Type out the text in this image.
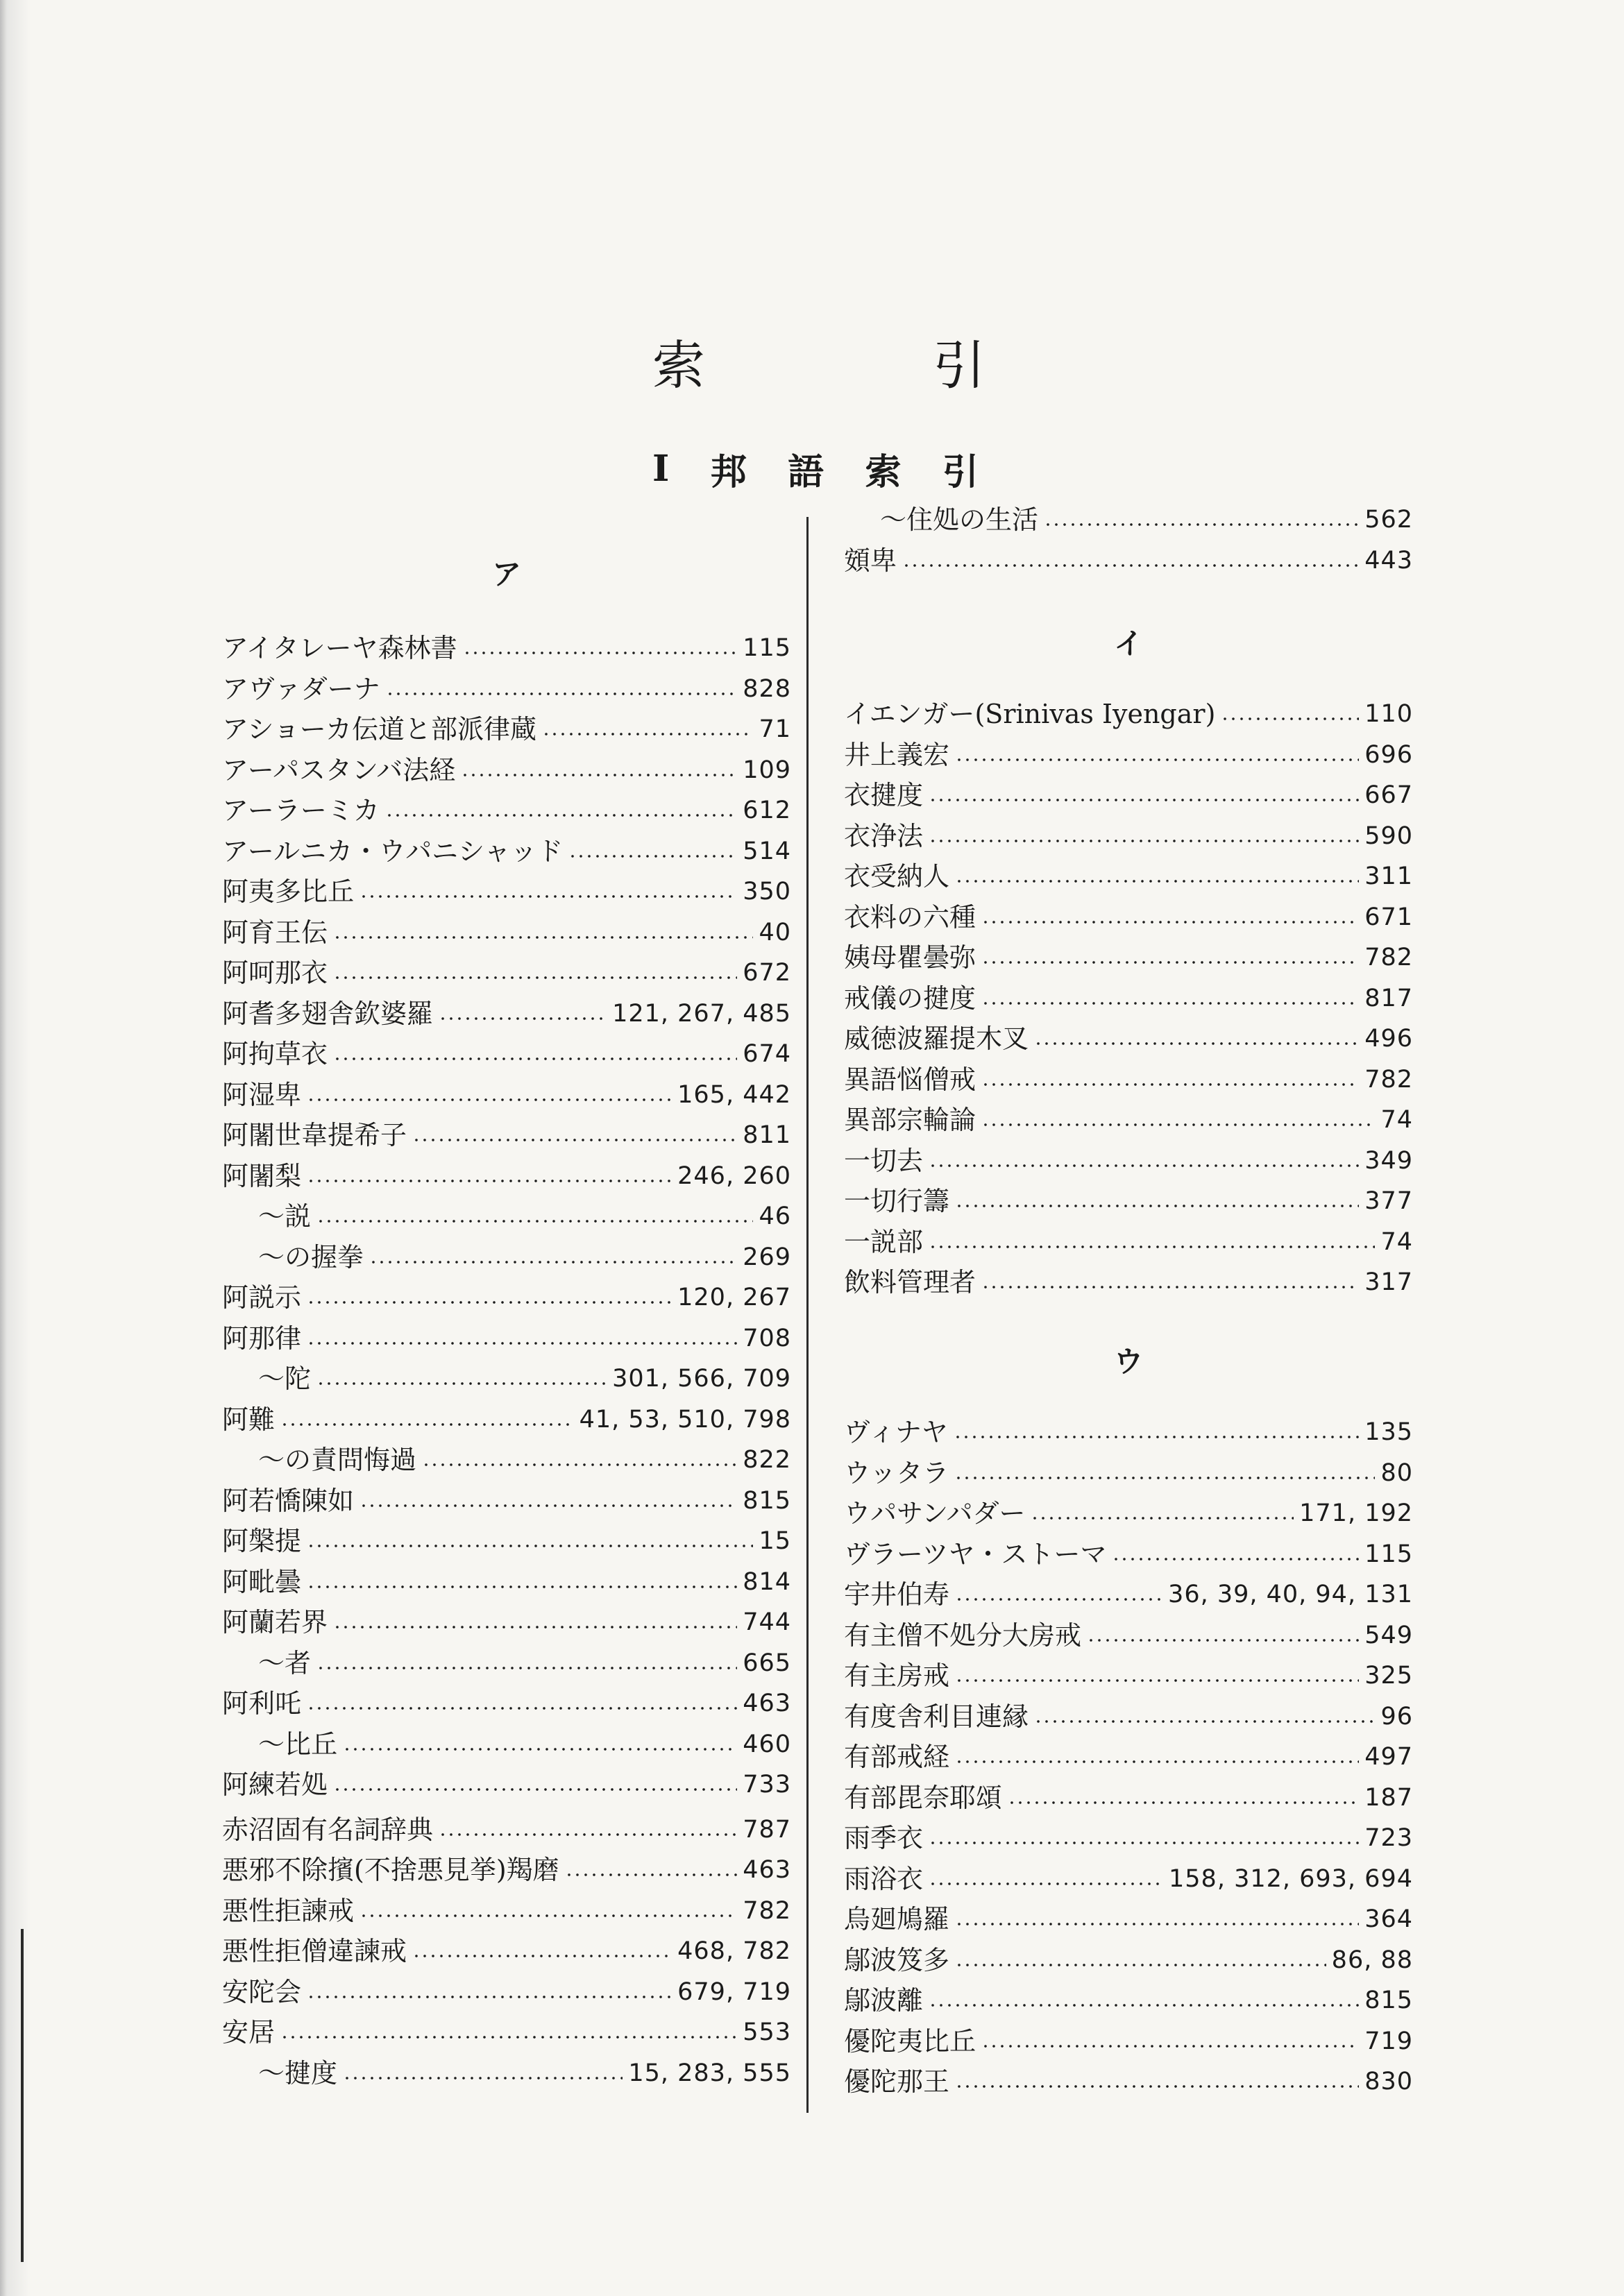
索	引
I 邦 語 索 引
ア
アイタレーヤ森林書	115
アヴァダーナ	828
アショーカ伝道と部派律蔵	71
アーパスタンバ法経	109
アーラーミカ	612
アールニカ・ウパニシャッド	514
阿夷多比丘	350
阿育王伝	40
阿呵那衣	672
阿耆多翅舎欽婆羅	121, 267, 485
阿拘草衣	674
阿湿卑	165, 442
阿闍世韋提希子	811
阿闍梨	246, 260
～説	46
～の握拳	269
阿説示	120, 267
阿那律	708
～陀	301, 566, 709
阿難	41, 53, 510, 798
～の責問悔過	822
阿若憍陳如	815
阿槃提	15
阿毗曇	814
阿蘭若界	744
～者	665
阿利吒	463
～比丘	460
阿練若処	733
赤沼固有名詞辞典	787
悪邪不除擯(不捨悪見挙)羯磨	463
悪性拒諫戒	782
悪性拒僧違諫戒	468, 782
安陀会	679, 719
安居	553
～揵度	15, 283, 555
～住処の生活	562
頞卑	443
イ
イエンガー(Srinivas Iyengar)	110
井上義宏	696
衣揵度	667
衣浄法	590
衣受納人	311
衣料の六種	671
姨母瞿曇弥	782
戒儀の揵度	817
威徳波羅提木叉	496
異語悩僧戒	782
異部宗輪論	74
一切去	349
一切行籌	377
一説部	74
飲料管理者	317
ウ
ヴィナヤ	135
ウッタラ	80
ウパサンパダー	171, 192
ヴラーツヤ・ストーマ	115
宇井伯寿	36, 39, 40, 94, 131
有主僧不処分大房戒	549
有主房戒	325
有度舎利目連縁	96
有部戒経	497
有部毘奈耶頌	187
雨季衣	723
雨浴衣	158, 312, 693, 694
烏廻鳩羅	364
鄔波笈多	86, 88
鄔波離	815
優陀夷比丘	719
優陀那王	830
